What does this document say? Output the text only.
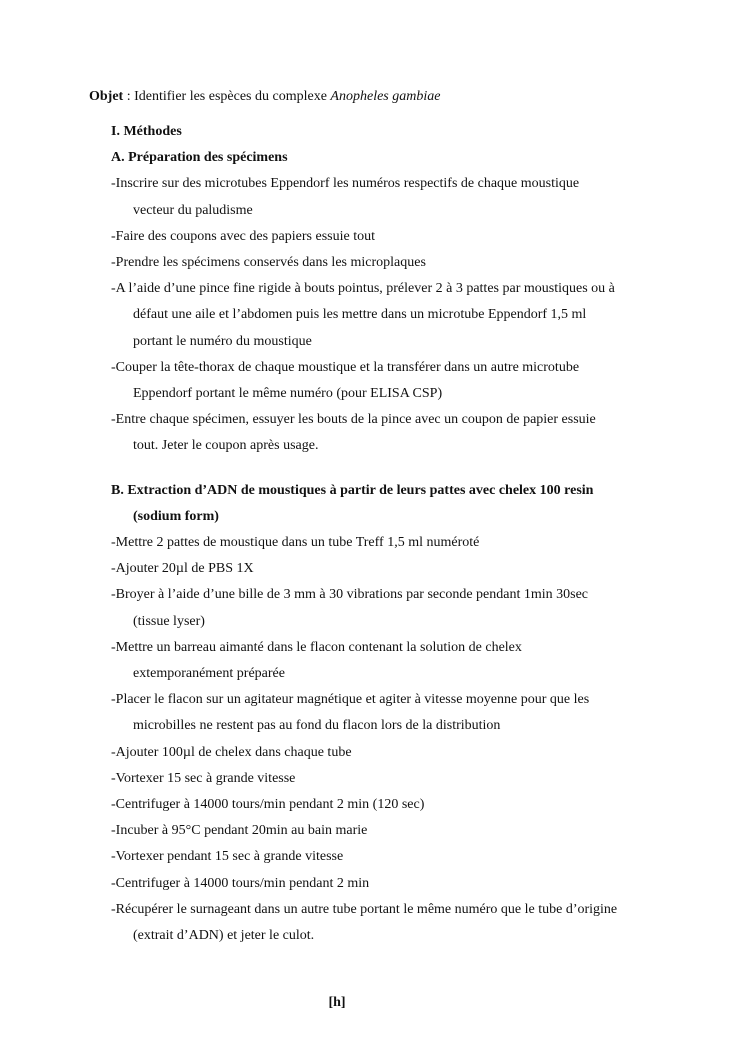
Objet : Identifier les espèces du complexe Anopheles gambiae
I. Méthodes
A. Préparation des spécimens
-Inscrire sur des microtubes Eppendorf les numéros respectifs de chaque moustique
vecteur du paludisme
-Faire des coupons avec des papiers essuie tout
-Prendre les spécimens conservés dans les microplaques
-A l’aide d’une pince fine rigide à bouts pointus, prélever 2 à 3 pattes par moustiques ou à
défaut une aile et l’abdomen puis les mettre dans un microtube Eppendorf 1,5 ml
portant le numéro du moustique
-Couper la tête-thorax de chaque moustique et la transférer dans un autre microtube
Eppendorf portant le même numéro (pour ELISA CSP)
-Entre chaque spécimen, essuyer les bouts de la pince avec un coupon de papier essuie
tout. Jeter le coupon après usage.
B. Extraction d’ADN de moustiques à partir de leurs pattes avec chelex 100 resin
(sodium form)
-Mettre 2 pattes de moustique dans un tube Treff 1,5 ml numéroté
-Ajouter 20µl de PBS 1X
-Broyer à l’aide d’une bille de 3 mm à 30 vibrations par seconde pendant 1min 30sec
(tissue lyser)
-Mettre un barreau aimanté dans le flacon contenant la solution de chelex
extemporanément préparée
-Placer le flacon sur un agitateur magnétique et agiter à vitesse moyenne pour que les
microbilles ne restent pas au fond du flacon lors de la distribution
-Ajouter 100µl de chelex dans chaque tube
-Vortexer 15 sec à grande vitesse
-Centrifuger à 14000 tours/min pendant 2 min (120 sec)
-Incuber à 95°C pendant 20min au bain marie
-Vortexer pendant 15 sec à grande vitesse
-Centrifuger à 14000 tours/min pendant 2 min
-Récupérer le surnageant dans un autre tube portant le même numéro que le tube d’origine
(extrait d’ADN) et jeter le culot.
[h]
